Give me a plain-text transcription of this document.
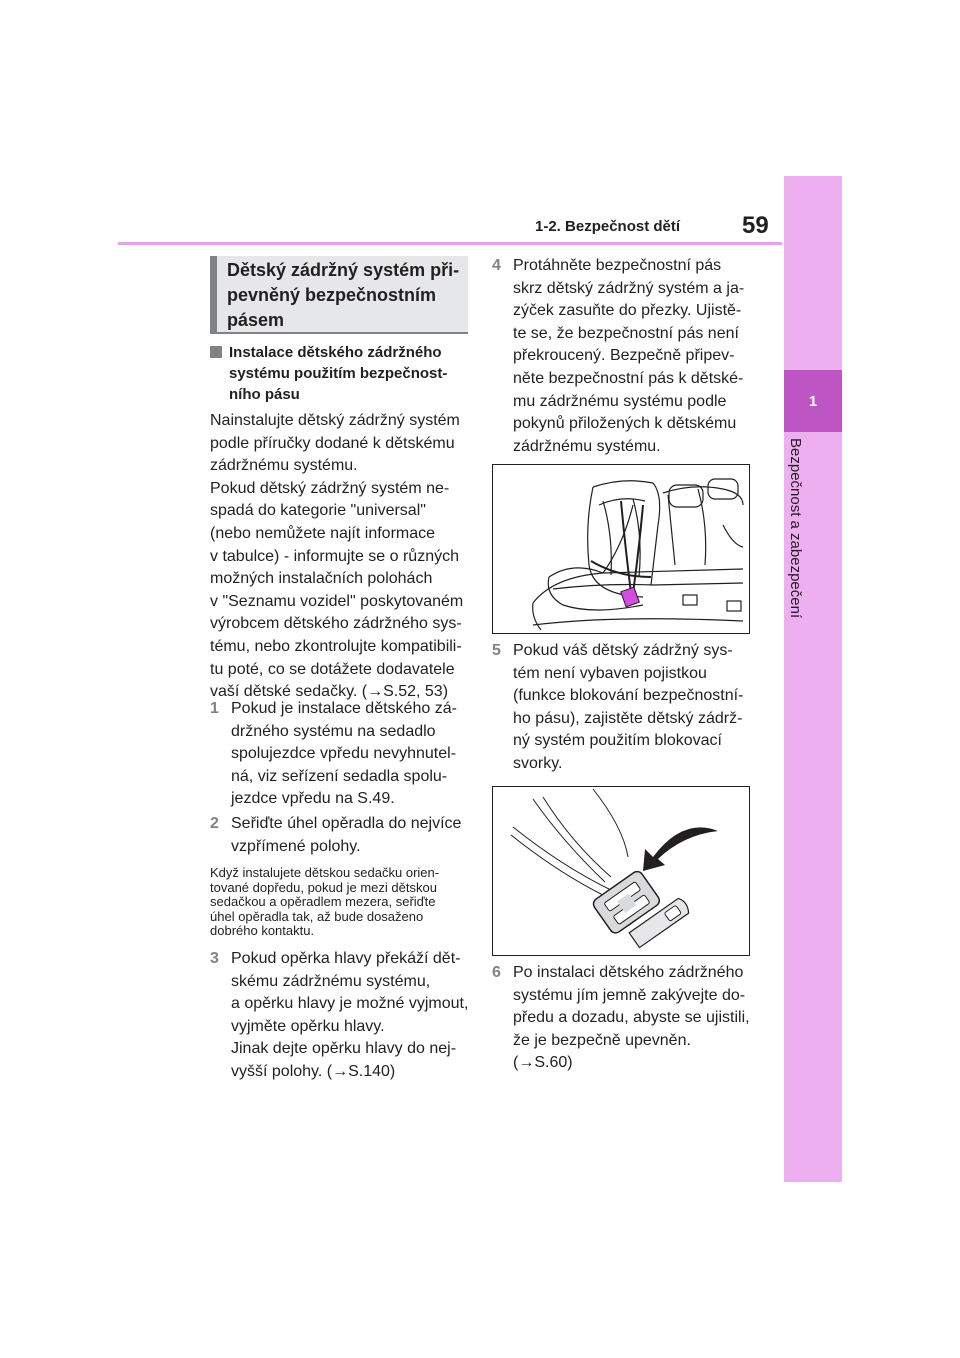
1-2. Bezpečnost dětí	59
1
Bezpečnost a zabezpečení
Dětský zádržný systém při-
pevněný bezpečnostním
pásem
Instalace dětského zádržného
systému použitím bezpečnost-
ního pásu
Nainstalujte dětský zádržný systém
podle příručky dodané k dětskému
zádržnému systému.
Pokud dětský zádržný systém ne-
spadá do kategorie "universal"
(nebo nemůžete najít informace
v tabulce) - informujte se o různých
možných instalačních polohách
v "Seznamu vozidel" poskytovaném
výrobcem dětského zádržného sys-
tému, nebo zkontrolujte kompatibili-
tu poté, co se dotážete dodavatele
vaší dětské sedačky. (→S.52, 53)
1 Pokud je instalace dětského zá-
držného systému na sedadlo
spolujezdce vpředu nevyhnutel-
ná, viz seřízení sedadla spolu-
jezdce vpředu na S.49.
2 Seřiďte úhel opěradla do nejvíce
vzpřímené polohy.
Když instalujete dětskou sedačku orien-
tované dopředu, pokud je mezi dětskou
sedačkou a opěradlem mezera, seřiďte
úhel opěradla tak, až bude dosaženo
dobrého kontaktu.
3 Pokud opěrka hlavy překáží dět-
skému zádržnému systému,
a opěrku hlavy je možné vyjmout,
vyjměte opěrku hlavy.
Jinak dejte opěrku hlavy do nej-
vyšší polohy. (→S.140)
4 Protáhněte bezpečnostní pás
skrz dětský zádržný systém a ja-
zýček zasuňte do přezky. Ujistě-
te se, že bezpečnostní pás není
překroucený. Bezpečně připev-
něte bezpečnostní pás k dětské-
mu zádržnému systému podle
pokynů přiložených k dětskému
zádržnému systému.
5 Pokud váš dětský zádržný sys-
tém není vybaven pojistkou
(funkce blokování bezpečnostní-
ho pásu), zajistěte dětský zádrž-
ný systém použitím blokovací
svorky.
6 Po instalaci dětského zádržného
systému jím jemně zakývejte do-
předu a dozadu, abyste se ujistili,
že je bezpečně upevněn.
(→S.60)
